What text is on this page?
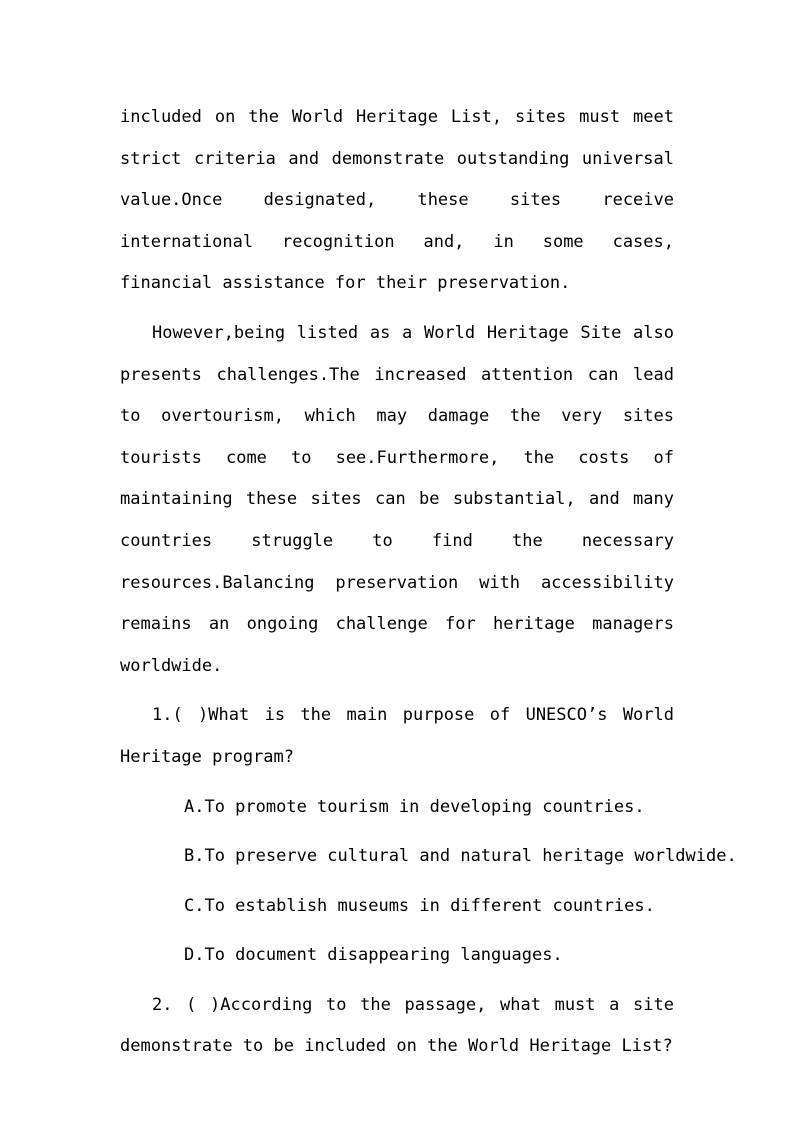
included on the World Heritage List, sites must meet strict criteria and demonstrate outstanding universal value.Once designated, these sites receive international recognition and, in some cases, financial assistance for their preservation.

However,being listed as a World Heritage Site also presents challenges.The increased attention can lead to overtourism, which may damage the very sites tourists come to see.Furthermore, the costs of maintaining these sites can be substantial, and many countries struggle to find the necessary resources.Balancing preservation with accessibility remains an ongoing challenge for heritage managers worldwide.

1.( )What is the main purpose of UNESCO’s World Heritage program?

A.To promote tourism in developing countries.
B.To preserve cultural and natural heritage worldwide.
C.To establish museums in different countries.
D.To document disappearing languages.

2. ( )According to the passage, what must a site demonstrate to be included on the World Heritage List?
